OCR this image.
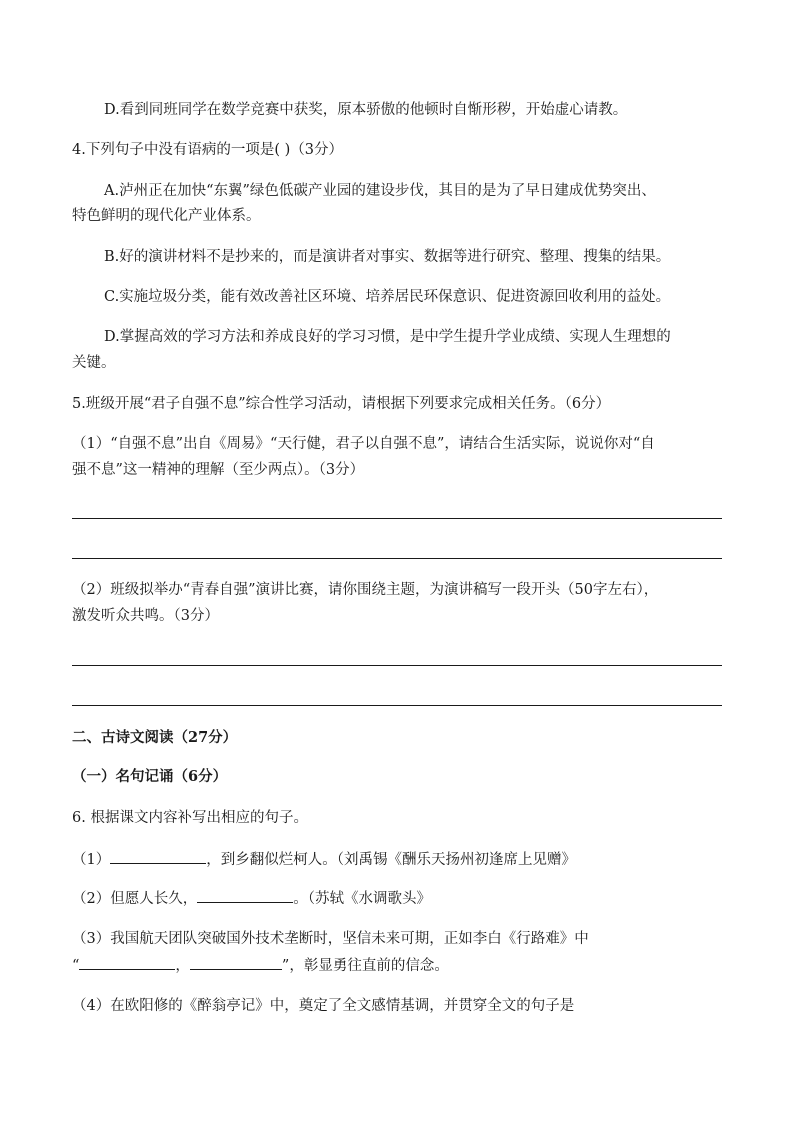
D.看到同班同学在数学竞赛中获奖，原本骄傲的他顿时自惭形秽，开始虚心请教。
4.下列句子中没有语病的一项是( )（3分）
A.泸州正在加快“东翼”绿色低碳产业园的建设步伐，其目的是为了早日建成优势突出、
特色鲜明的现代化产业体系。
B.好的演讲材料不是抄来的，而是演讲者对事实、数据等进行研究、整理、搜集的结果。
C.实施垃圾分类，能有效改善社区环境、培养居民环保意识、促进资源回收利用的益处。
D.掌握高效的学习方法和养成良好的学习习惯，是中学生提升学业成绩、实现人生理想的
关键。
5.班级开展“君子自强不息”综合性学习活动，请根据下列要求完成相关任务。（6分）
（1）“自强不息”出自《周易》“天行健，君子以自强不息”，请结合生活实际，说说你对“自
强不息”这一精神的理解（至少两点）。（3分）
（2）班级拟举办“青春自强”演讲比赛，请你围绕主题，为演讲稿写一段开头（50字左右），
激发听众共鸣。（3分）
二、古诗文阅读（27分）
（一）名句记诵（6分）
6. 根据课文内容补写出相应的句子。
（1）	，到乡翻似烂柯人。（刘禹锡《酬乐天扬州初逢席上见赠》
（2）但愿人长久，	。（苏轼《水调歌头》
（3）我国航天团队突破国外技术垄断时，坚信未来可期，正如李白《行路难》中
“	，	”，彰显勇往直前的信念。
（4）在欧阳修的《醉翁亭记》中，奠定了全文感情基调，并贯穿全文的句子是
